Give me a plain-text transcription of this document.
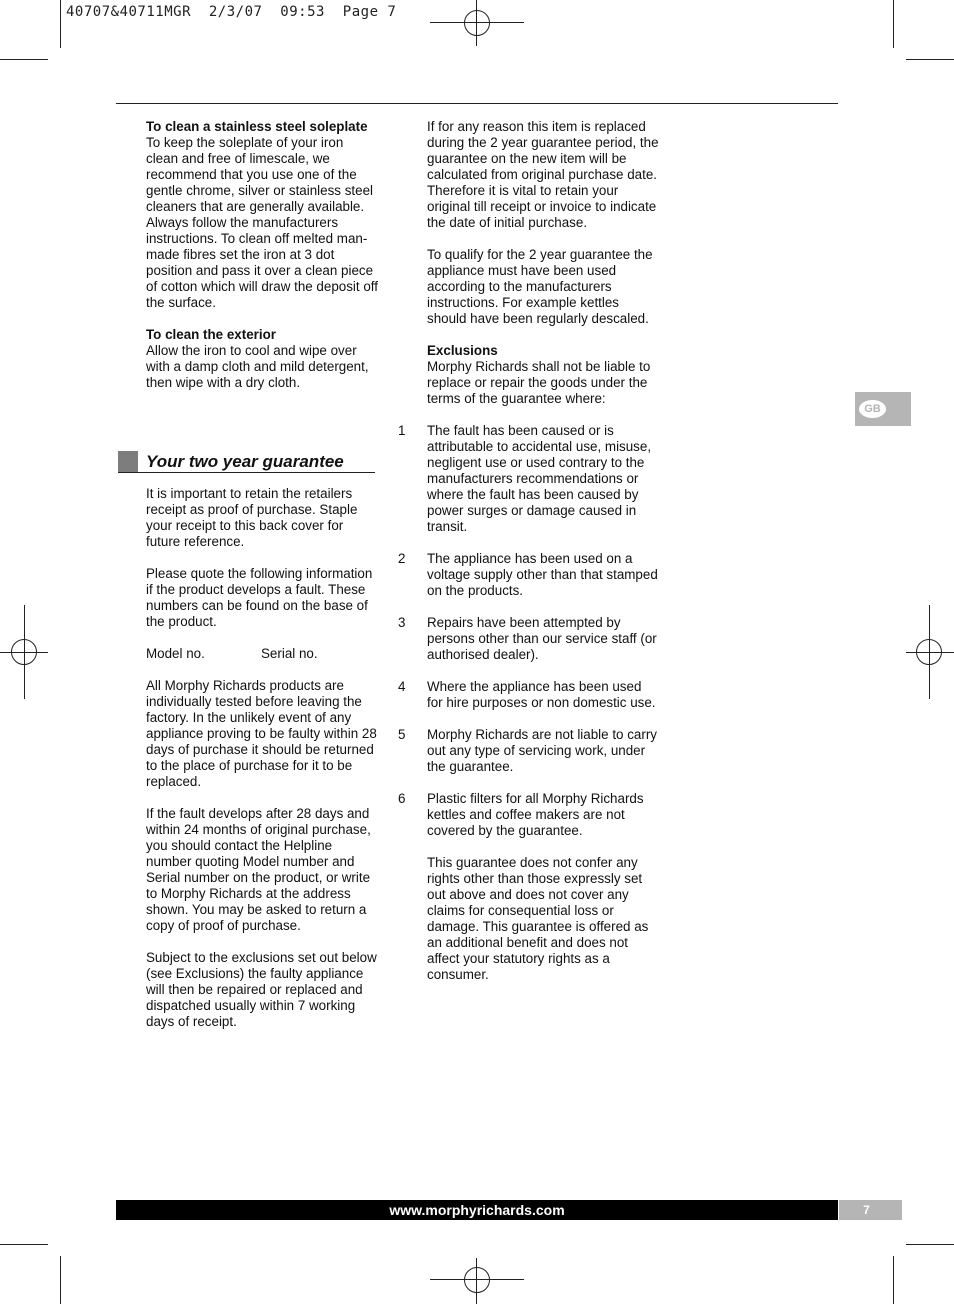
40707&40711MGR  2/3/07  09:53  Page 7
To clean a stainless steel soleplate

To keep the soleplate of your iron clean and free of limescale, we recommend that you use one of the gentle chrome, silver or stainless steel cleaners that are generally available. Always follow the manufacturers instructions. To clean off melted man-made fibres set the iron at 3 dot position and pass it over a clean piece of cotton which will draw the deposit off the surface.

To clean the exterior

Allow the iron to cool and wipe over with a damp cloth and mild detergent, then wipe with a dry cloth.

Your two year guarantee

It is important to retain the retailers receipt as proof of purchase. Staple your receipt to this back cover for future reference.

Please quote the following information if the product develops a fault. These numbers can be found on the base of the product.

Model no.	Serial no.

All Morphy Richards products are individually tested before leaving the factory. In the unlikely event of any appliance proving to be faulty within 28 days of purchase it should be returned to the place of purchase for it to be replaced.

If the fault develops after 28 days and within 24 months of original purchase, you should contact the Helpline number quoting Model number and Serial number on the product, or write to Morphy Richards at the address shown. You may be asked to return a copy of proof of purchase.

Subject to the exclusions set out below (see Exclusions) the faulty appliance will then be repaired or replaced and dispatched usually within 7 working days of receipt.

If for any reason this item is replaced during the 2 year guarantee period, the guarantee on the new item will be calculated from original purchase date. Therefore it is vital to retain your original till receipt or invoice to indicate the date of initial purchase.

To qualify for the 2 year guarantee the appliance must have been used according to the manufacturers instructions. For example kettles should have been regularly descaled.

Exclusions

Morphy Richards shall not be liable to replace or repair the goods under the terms of the guarantee where:

1 The fault has been caused or is attributable to accidental use, misuse, negligent use or used contrary to the manufacturers recommendations or where the fault has been caused by power surges or damage caused in transit.
2 The appliance has been used on a voltage supply other than that stamped on the products.
3 Repairs have been attempted by persons other than our service staff (or authorised dealer).
4 Where the appliance has been used for hire purposes or non domestic use.
5 Morphy Richards are not liable to carry out any type of servicing work, under the guarantee.
6 Plastic filters for all Morphy Richards kettles and coffee makers are not covered by the guarantee.

This guarantee does not confer any rights other than those expressly set out above and does not cover any claims for consequential loss or damage. This guarantee is offered as an additional benefit and does not affect your statutory rights as a consumer.

GB
www.morphyrichards.com	7
